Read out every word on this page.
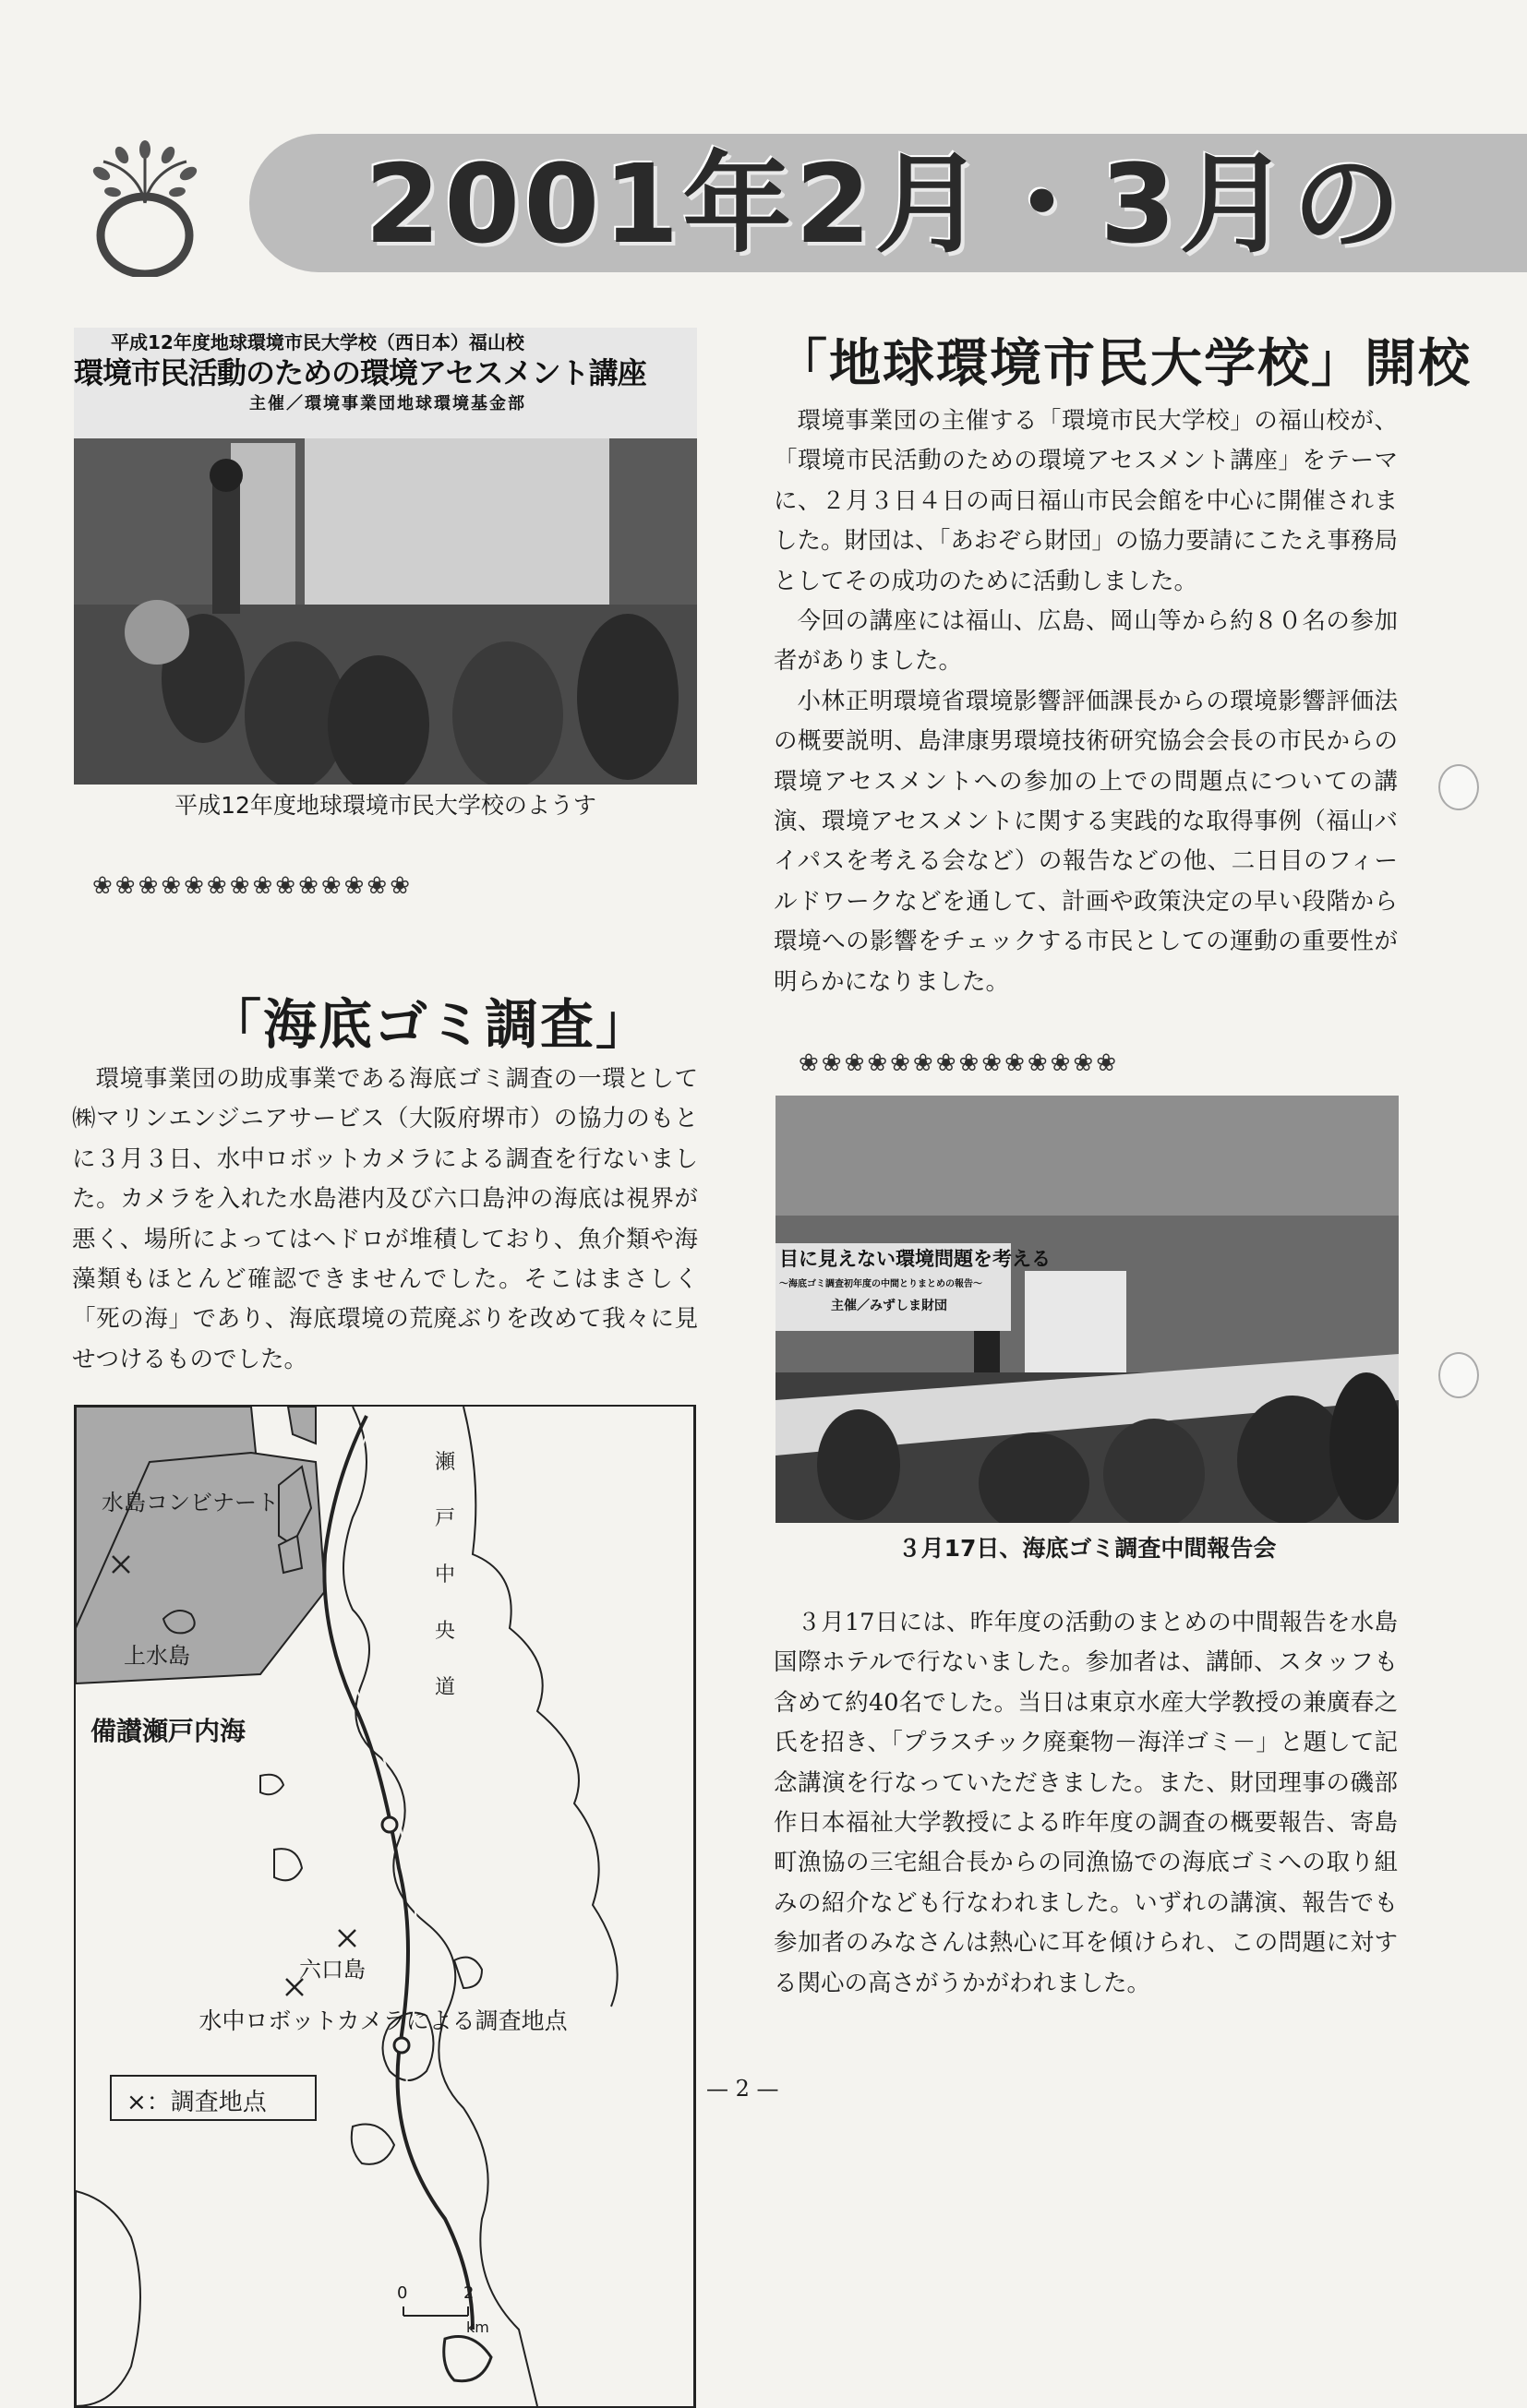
2001年2月・3月の
平成12年度地球環境市民大学校（西日本）福山校
環境市民活動のための環境アセスメント講座
主催／環境事業団地球環境基金部
平成12年度地球環境市民大学校のようす
❀❀❀❀❀❀❀❀❀❀❀❀❀❀
「地球環境市民大学校」開校

環境事業団の主催する「環境市民大学校」の福山校が、「環境市民活動のための環境アセスメント講座」をテーマに、２月３日４日の両日福山市民会館を中心に開催されました。財団は、「あおぞら財団」の協力要請にこたえ事務局としてその成功のために活動しました。

今回の講座には福山、広島、岡山等から約８０名の参加者がありました。

小林正明環境省環境影響評価課長からの環境影響評価法の概要説明、島津康男環境技術研究協会会長の市民からの環境アセスメントへの参加の上での問題点についての講演、環境アセスメントに関する実践的な取得事例（福山バイパスを考える会など）の報告などの他、二日目のフィールドワークなどを通して、計画や政策決定の早い段階から環境への影響をチェックする市民としての運動の重要性が明らかになりました。

❀❀❀❀❀❀❀❀❀❀❀❀❀❀
「海底ゴミ調査」

環境事業団の助成事業である海底ゴミ調査の一環として㈱マリンエンジニアサービス（大阪府堺市）の協力のもとに３月３日、水中ロボットカメラによる調査を行ないました。カメラを入れた水島港内及び六口島沖の海底は視界が悪く、場所によってはヘドロが堆積しており、魚介類や海藻類もほとんど確認できませんでした。そこはまさしく「死の海」であり、海底環境の荒廃ぶりを改めて我々に見せつけるものでした。

目に見えない環境問題を考える
〜海底ゴミ調査初年度の中間とりまとめの報告〜
主催／みずしま財団
３月17日、海底ゴミ調査中間報告会

３月17日には、昨年度の活動のまとめの中間報告を水島国際ホテルで行ないました。参加者は、講師、スタッフも含めて約40名でした。当日は東京水産大学教授の兼廣春之氏を招き、「プラスチック廃棄物－海洋ゴミ－」と題して記念講演を行なっていただきました。また、財団理事の磯部作日本福祉大学教授による昨年度の調査の概要報告、寄島町漁協の三宅組合長からの同漁協での海底ゴミへの取り組みの紹介なども行なわれました。いずれの講演、報告でも参加者のみなさんは熱心に耳を傾けられ、この問題に対する関心の高さがうかがわれました。

水島コンビナート
上水島
備讃瀬戸内海
六口島
瀬
戸
中
央
道
×：調査地点
0	2
km
水中ロボットカメラによる調査地点
— 2 —
